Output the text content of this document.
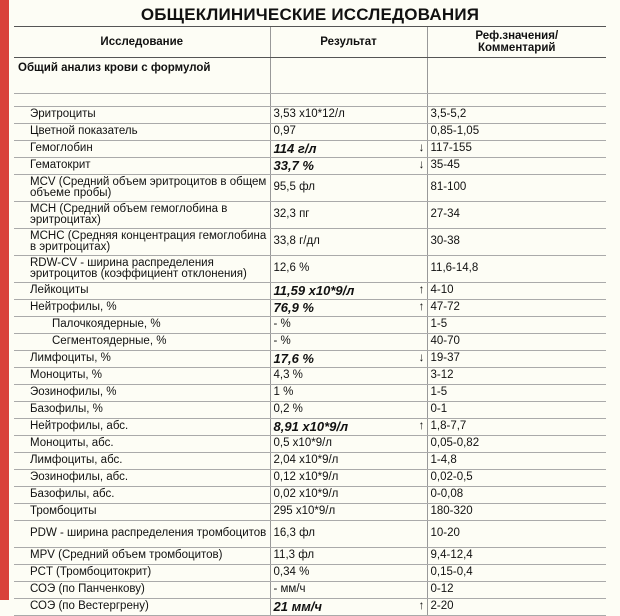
ОБЩЕКЛИНИЧЕСКИЕ ИССЛЕДОВАНИЯ
Исследование	Результат	Реф.значения/ Комментарий
Общий анализ крови с формулой		

Эритроциты	3,53 x10*12/л	3,5-5,2
Цветной показатель	0,97	0,85-1,05
Гемоглобин	114 г/л ↓	117-155
Гематокрит	33,7 % ↓	35-45
MCV (Средний объем эритроцитов в общем объеме пробы)	95,5 фл	81-100
MCH (Средний объем гемоглобина в эритроцитах)	32,3 пг	27-34
MCHC (Средняя концентрация гемоглобина в эритроцитах)	33,8 г/дл	30-38
RDW-CV - ширина распределения эритроцитов (коэффициент отклонения)	12,6 %	11,6-14,8
Лейкоциты	11,59 x10*9/л ↑	4-10
Нейтрофилы, %	76,9 % ↑	47-72
Палочкоядерные, %	- %	1-5
Сегментоядерные, %	- %	40-70
Лимфоциты, %	17,6 % ↓	19-37
Моноциты, %	4,3 %	3-12
Эозинофилы, %	1 %	1-5
Базофилы, %	0,2 %	0-1
Нейтрофилы, абс.	8,91 x10*9/л ↑	1,8-7,7
Моноциты, абс.	0,5 x10*9/л	0,05-0,82
Лимфоциты, абс.	2,04 x10*9/л	1-4,8
Эозинофилы, абс.	0,12 x10*9/л	0,02-0,5
Базофилы, абс.	0,02 x10*9/л	0-0,08
Тромбоциты	295 x10*9/л	180-320
PDW - ширина распределения тромбоцитов	16,3 фл	10-20
MPV (Средний объем тромбоцитов)	11,3 фл	9,4-12,4
PCT (Тромбоцитокрит)	0,34 %	0,15-0,4
СОЭ (по Панченкову)	- мм/ч	0-12
СОЭ (по Вестергрену)	21 мм/ч ↑	2-20
